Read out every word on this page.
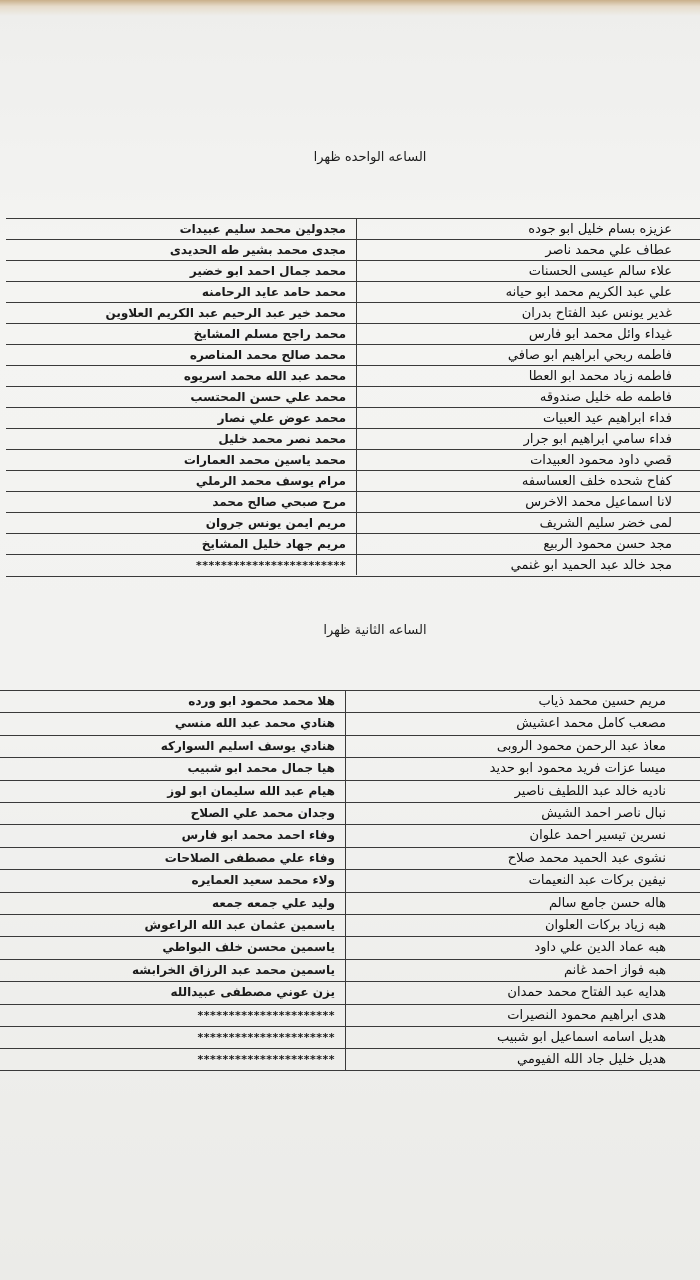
الساعه الواحده ظهرا
عزيزه بسام خليل ابو جوده
مجدولين محمد سليم عبيدات
عطاف علي محمد ناصر
مجدى محمد بشير طه الحديدى
علاء سالم عيسى الحسنات
محمد جمال احمد ابو خضير
علي عبد الكريم محمد ابو حيانه
محمد حامد عايد الرحامنه
غدير يونس عبد الفتاح بدران
محمد خير عبد الرحيم عبد الكريم العلاوين
غيداء وائل محمد ابو فارس
محمد راجح مسلم المشايخ
فاطمه ربحي ابراهيم ابو صافي
محمد صالح محمد المناصره
فاطمه زياد محمد ابو العطا
محمد عبد الله محمد اسريوه
فاطمه طه خليل صندوقه
محمد علي حسن المحتسب
فداء ابراهيم عيد العبيات
محمد عوض علي نصار
فداء سامي ابراهيم ابو جرار
محمد نصر محمد خليل
قصي داود محمود العبيدات
محمد ياسين محمد العمارات
كفاح شحده خلف العساسفه
مرام يوسف محمد الرملي
لانا اسماعيل محمد الاخرس
مرح صبحي صالح محمد
لمى خضر سليم الشريف
مريم ايمن يونس جروان
مجد حسن محمود الربيع
مريم جهاد خليل المشايخ
مجد خالد عبد الحميد ابو غنمي
************************
الساعه الثانية ظهرا
مريم حسين محمد ذياب
هلا محمد محمود ابو ورده
مصعب كامل محمد اعشيش
هنادي محمد عبد الله منسي
معاذ عبد الرحمن محمود الروبى
هنادي يوسف اسليم السواركه
ميسا عزات فريد محمود ابو حديد
هيا جمال محمد ابو شبيب
ناديه خالد عبد اللطيف ناصير
هيام عبد الله سليمان ابو لوز
نبال ناصر احمد الشيش
وجدان محمد علي الصلاح
نسرين تيسير احمد علوان
وفاء احمد محمد ابو فارس
نشوى عبد الحميد محمد صلاح
وفاء علي مصطفى الصلاحات
نيفين بركات عبد النعيمات
ولاء محمد سعيد العمايره
هاله حسن جامع سالم
وليد علي جمعه جمعه
هبه زياد بركات العلوان
ياسمين عثمان عبد الله الراعوش
هبه عماد الدين علي داود
ياسمين محسن خلف البواطي
هبه فواز احمد غانم
ياسمين محمد عبد الرزاق الخرابشه
هدايه عبد الفتاح محمد حمدان
يزن عوني مصطفى عبيدالله
هدى ابراهيم محمود النصيرات
**********************
هديل اسامه اسماعيل ابو شبيب
**********************
هديل خليل جاد الله الفيومي
**********************
